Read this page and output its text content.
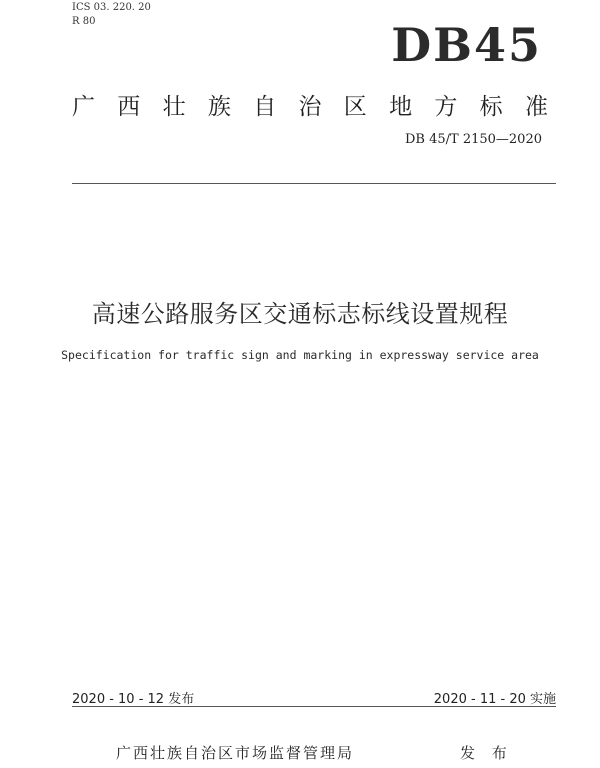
ICS 03. 220. 20
R 80	DB45
广 西 壮 族 自 治 区 地 方 标 准
DB 45/T 2150—2020
高速公路服务区交通标志标线设置规程
Specification for traffic sign and marking in expressway service area
2020 - 10 - 12 发布	2020 - 11 - 20 实施
广西壮族自治区市场监督管理局	发 布
